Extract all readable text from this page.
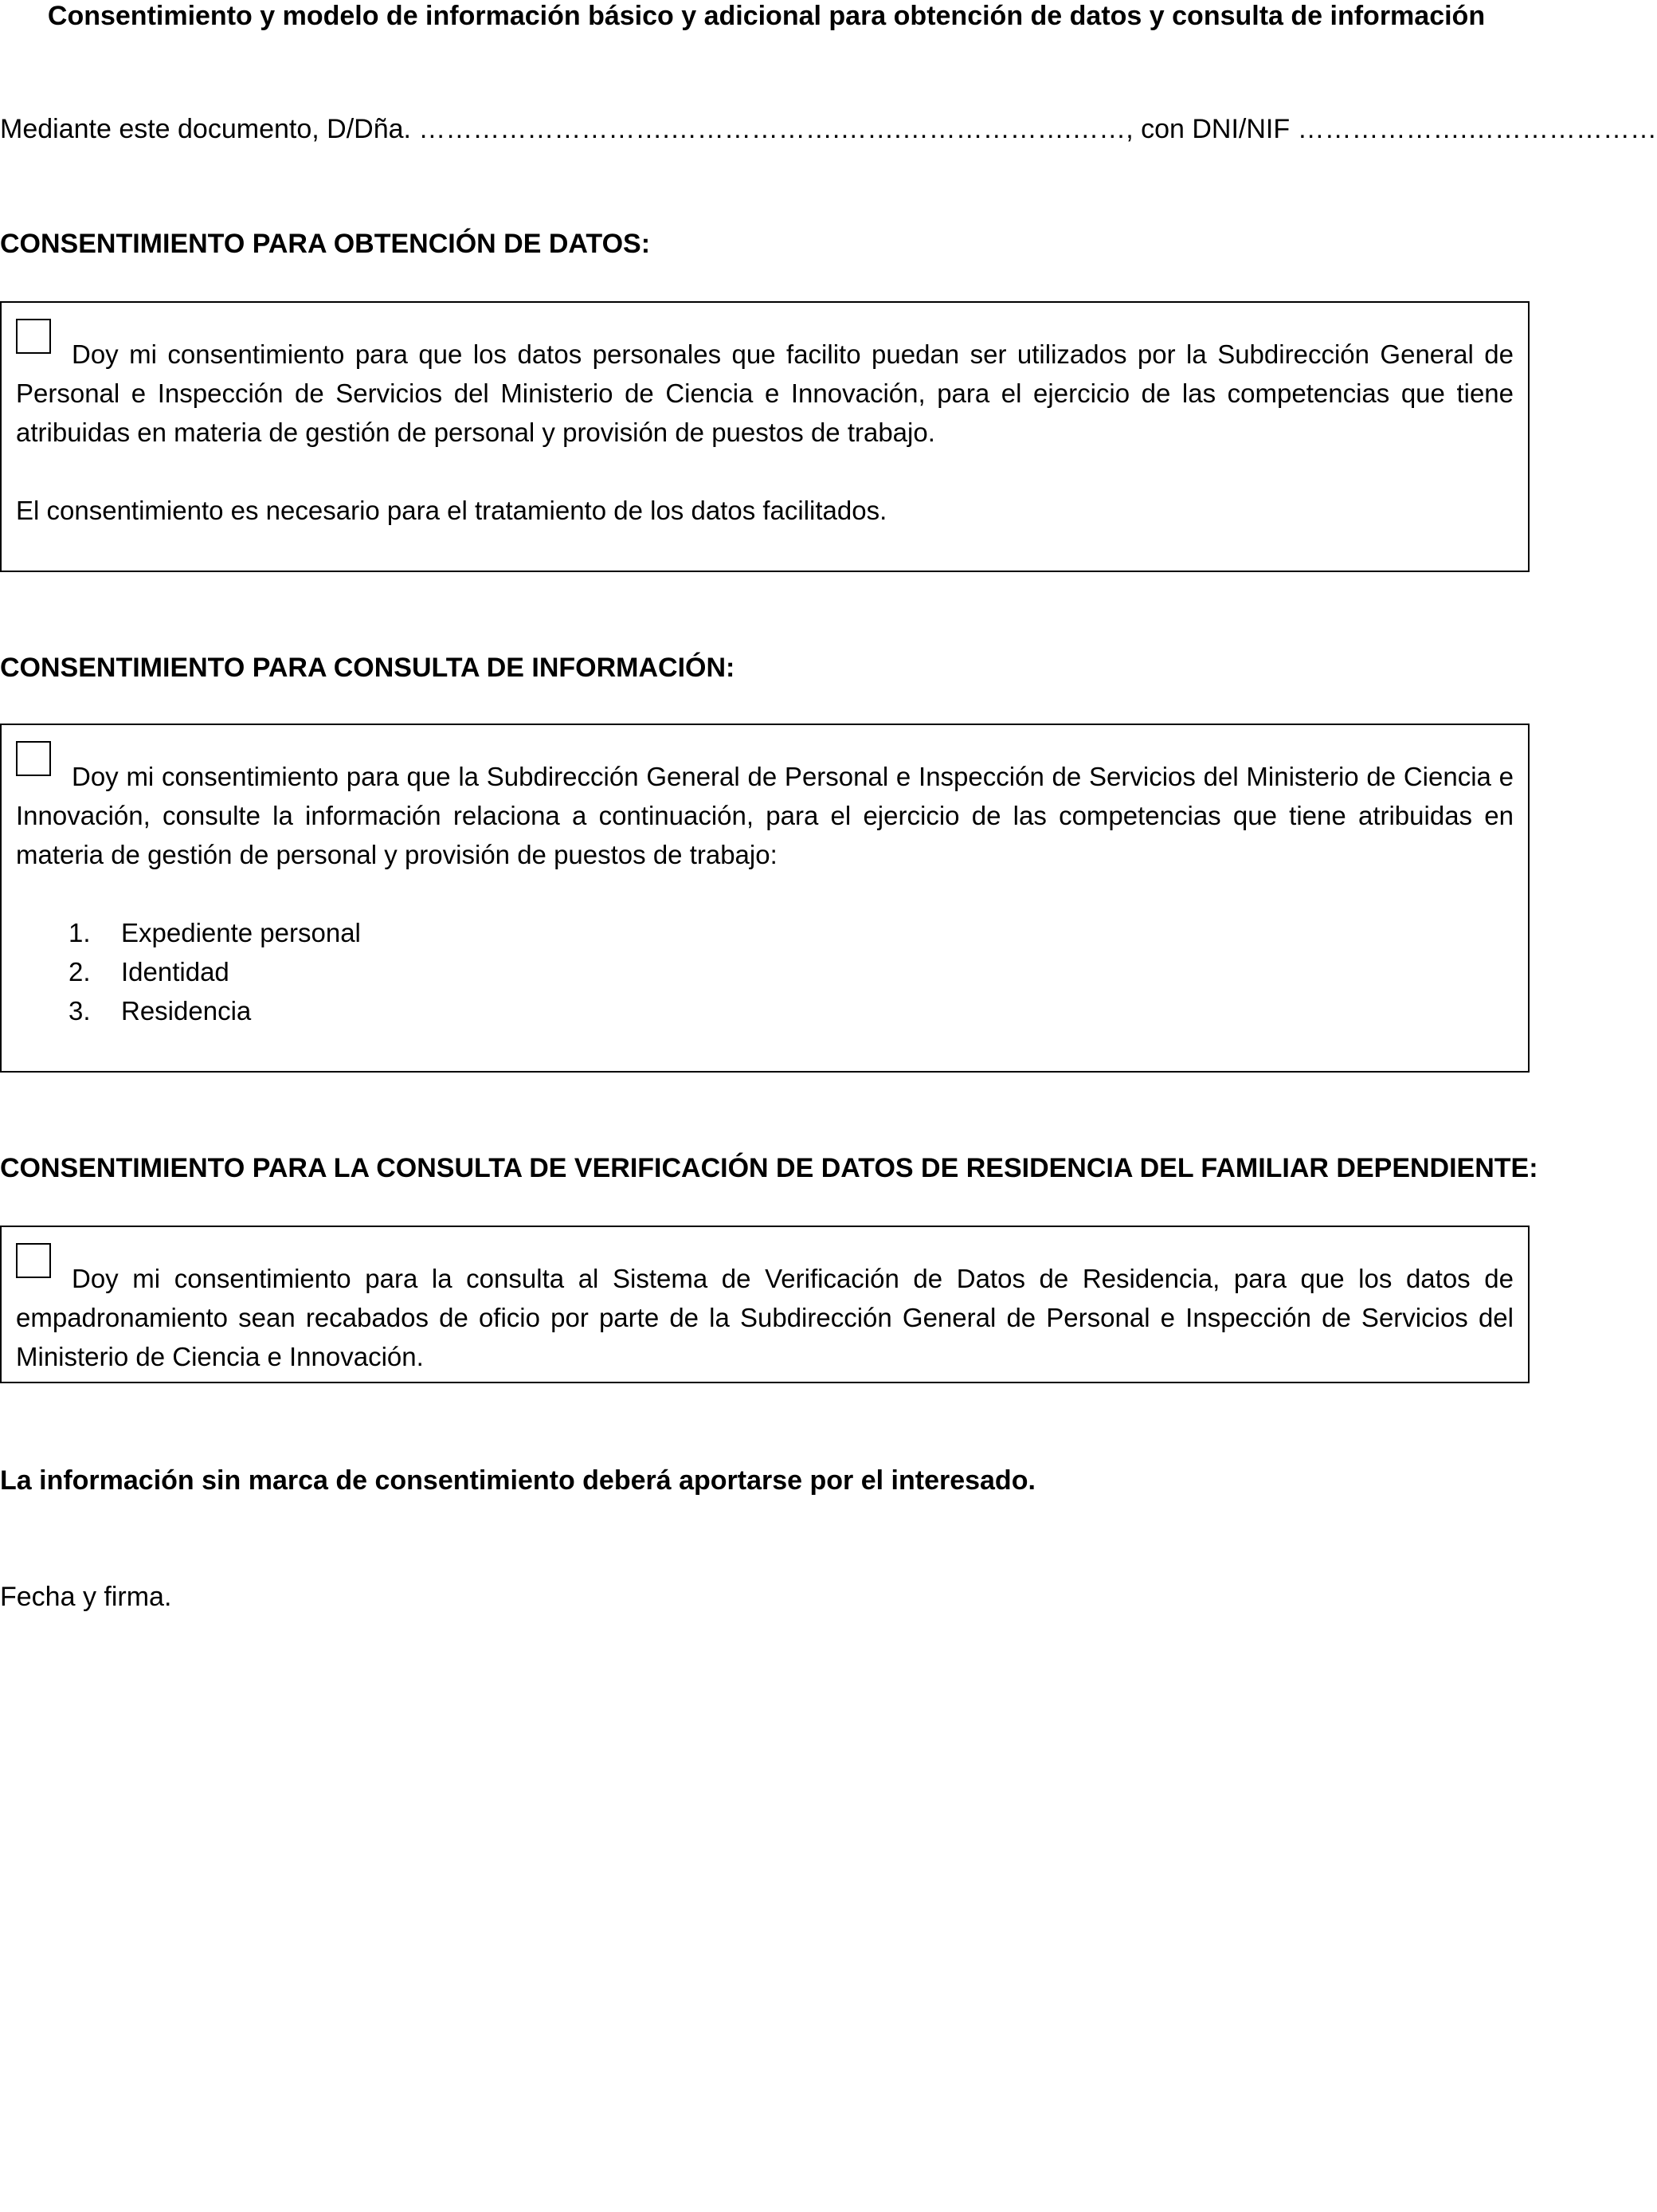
Consentimiento y modelo de información básico y adicional para obtención de datos y consulta de información
Mediante este documento, D/Dña. ……………………….……………….…….……………….……, con DNI/NIF ……………….…………………
CONSENTIMIENTO PARA OBTENCIÓN DE DATOS:

Doy mi consentimiento para que los datos personales que facilito puedan ser utilizados por la Subdirección General de Personal e Inspección de Servicios del Ministerio de Ciencia e Innovación, para el ejercicio de las competencias que tiene atribuidas en materia de gestión de personal y provisión de puestos de trabajo.

El consentimiento es necesario para el tratamiento de los datos facilitados.

CONSENTIMIENTO PARA CONSULTA DE INFORMACIÓN:

Doy mi consentimiento para que la Subdirección General de Personal e Inspección de Servicios del Ministerio de Ciencia e Innovación, consulte la información relaciona a continuación, para el ejercicio de las competencias que tiene atribuidas en materia de gestión de personal y provisión de puestos de trabajo:

1. Expediente personal
2. Identidad
3. Residencia
CONSENTIMIENTO PARA LA CONSULTA DE VERIFICACIÓN DE DATOS DE RESIDENCIA DEL FAMILIAR DEPENDIENTE:

Doy mi consentimiento para la consulta al Sistema de Verificación de Datos de Residencia, para que los datos de empadronamiento sean recabados de oficio por parte de la Subdirección General de Personal e Inspección de Servicios del Ministerio de Ciencia e Innovación.

La información sin marca de consentimiento deberá aportarse por el interesado.
Fecha y firma.
